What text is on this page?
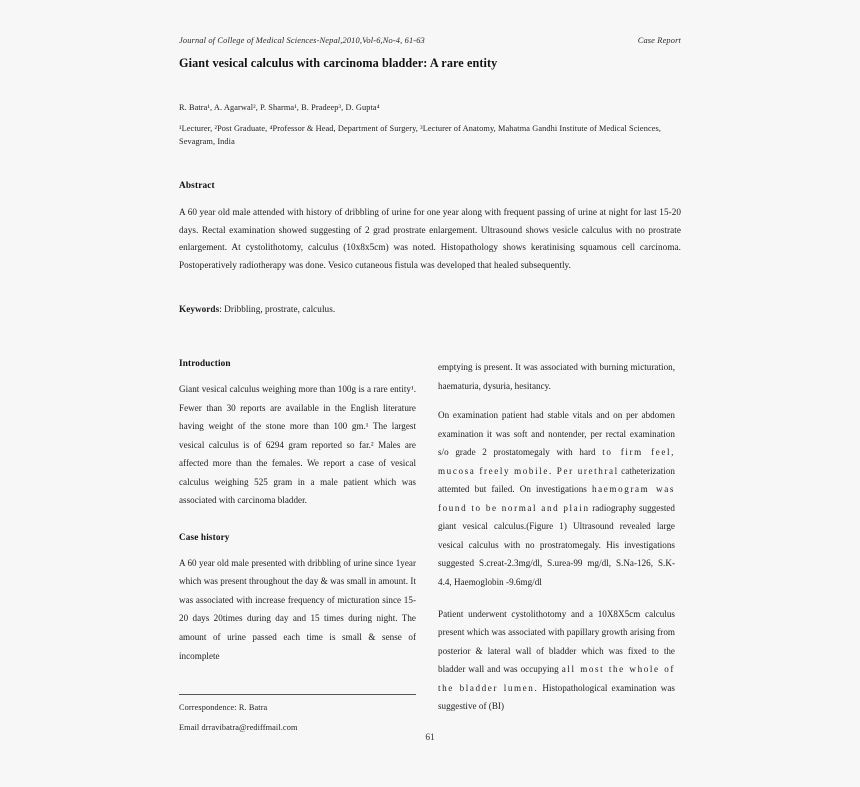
Journal of College of Medical Sciences-Nepal,2010,Vol-6,No-4, 61-63	Case Report
Giant vesical calculus with carcinoma bladder: A rare entity

R. Batra¹, A. Agarwal², P. Sharma¹, B. Pradeep³, D. Gupta⁴

¹Lecturer, ²Post Graduate, ⁴Professor & Head, Department of Surgery, ³Lecturer of Anatomy, Mahatma Gandhi Institute of Medical Sciences, Sevagram, India

Abstract

A 60 year old male attended with history of dribbling of urine for one year along with frequent passing of urine at night for last 15-20 days. Rectal examination showed suggesting of 2 grad prostrate enlargement. Ultrasound shows vesicle calculus with no prostrate enlargement. At cystolithotomy, calculus (10x8x5cm) was noted. Histopathology shows keratinising squamous cell carcinoma. Postoperatively radiotherapy was done. Vesico cutaneous fistula was developed that healed subsequently.

Keywords: Dribbling, prostrate, calculus.

Introduction

Giant vesical calculus weighing more than 100g is a rare entity¹. Fewer than 30 reports are available in the English literature having weight of the stone more than 100 gm.¹ The largest vesical calculus is of 6294 gram reported so far.² Males are affected more than the females. We report a case of vesical calculus weighing 525 gram in a male patient which was associated with carcinoma bladder.

Case history

A 60 year old male presented with dribbling of urine since 1year which was present throughout the day & was small in amount. It was associated with increase frequency of micturation since 15-20 days 20times during day and 15 times during night. The amount of urine passed each time is small & sense of incomplete

emptying is present. It was associated with burning micturation, haematuria, dysuria, hesitancy.

On examination patient had stable vitals and on per abdomen examination it was soft and nontender, per rectal examination s/o grade 2 prostatomegaly with hard to firm feel, mucosa freely mobile. Per urethral catheterization attemted but failed. On investigations haemogram was found to be normal and plain radiography suggested giant vesical calculus.(Figure 1) Ultrasound revealed large vesical calculus with no prostratomegaly. His investigations suggested S.creat-2.3mg/dl, S.urea-99 mg/dl, S.Na-126, S.K-4.4, Haemoglobin -9.6mg/dl

Patient underwent cystolithotomy and a 10X8X5cm calculus present which was associated with papillary growth arising from posterior & lateral wall of bladder which was fixed to the bladder wall and was occupying all most the whole of the bladder lumen. Histopathological examination was suggestive of (BI)

Correspondence: R. Batra

Email drravibatra@rediffmail.com

61
